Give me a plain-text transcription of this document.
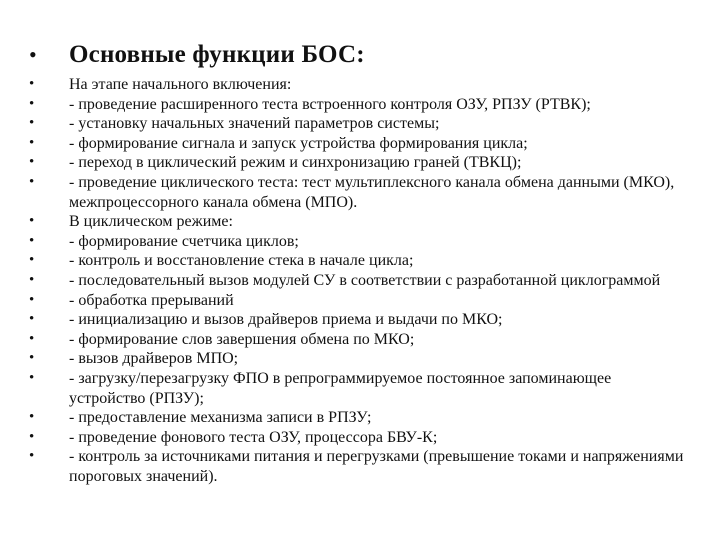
•	Основные функции БОС:
•	На этапе начального включения:
•	- проведение расширенного теста встроенного контроля ОЗУ, РПЗУ (РТВК);
•	- установку начальных значений параметров системы;
•	- формирование сигнала и запуск устройства формирования цикла;
•	- переход в циклический режим и синхронизацию граней (ТВКЦ);
•	- проведение циклического теста: тест мультиплексного канала обмена данными (МКО), межпроцессорного канала обмена (МПО).
•	В циклическом режиме:
•	- формирование счетчика циклов;
•	- контроль и восстановление стека в начале цикла;
•	- последовательный вызов модулей СУ в соответствии с разработанной циклограммой
•	- обработка прерываний
•	- инициализацию и вызов драйверов приема и выдачи по МКО;
•	- формирование слов завершения обмена по МКО;
•	- вызов драйверов МПО;
•	- загрузку/перезагрузку ФПО в репрограммируемое постоянное запоминающее устройство (РПЗУ);
•	- предоставление механизма записи в РПЗУ;
•	- проведение фонового теста ОЗУ, процессора БВУ-К;
•	- контроль за источниками питания и перегрузками (превышение токами и напряжениями пороговых значений).
